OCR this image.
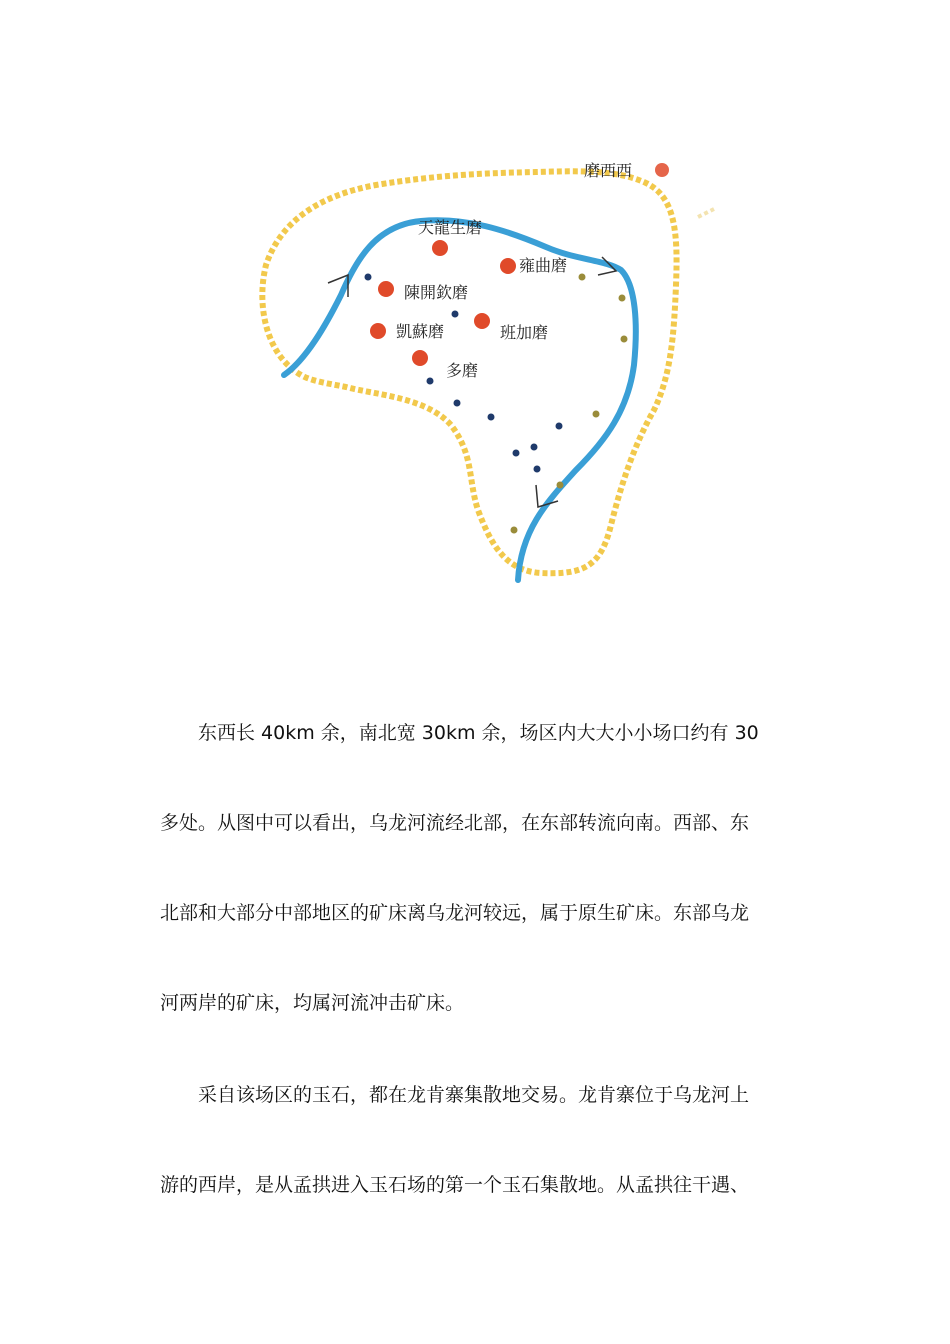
磨西西
天龍生磨
雍曲磨
陳開欽磨
凱蘇磨	班加磨
多磨
东西长 40km 余，南北宽 30km 余，场区内大大小小场口约有 30
多处。从图中可以看出，乌龙河流经北部，在东部转流向南。西部、东
北部和大部分中部地区的矿床离乌龙河较远，属于原生矿床。东部乌龙
河两岸的矿床，均属河流冲击矿床。
采自该场区的玉石，都在龙肯寨集散地交易。龙肯寨位于乌龙河上
游的西岸，是从孟拱进入玉石场的第一个玉石集散地。从孟拱往干遇、
